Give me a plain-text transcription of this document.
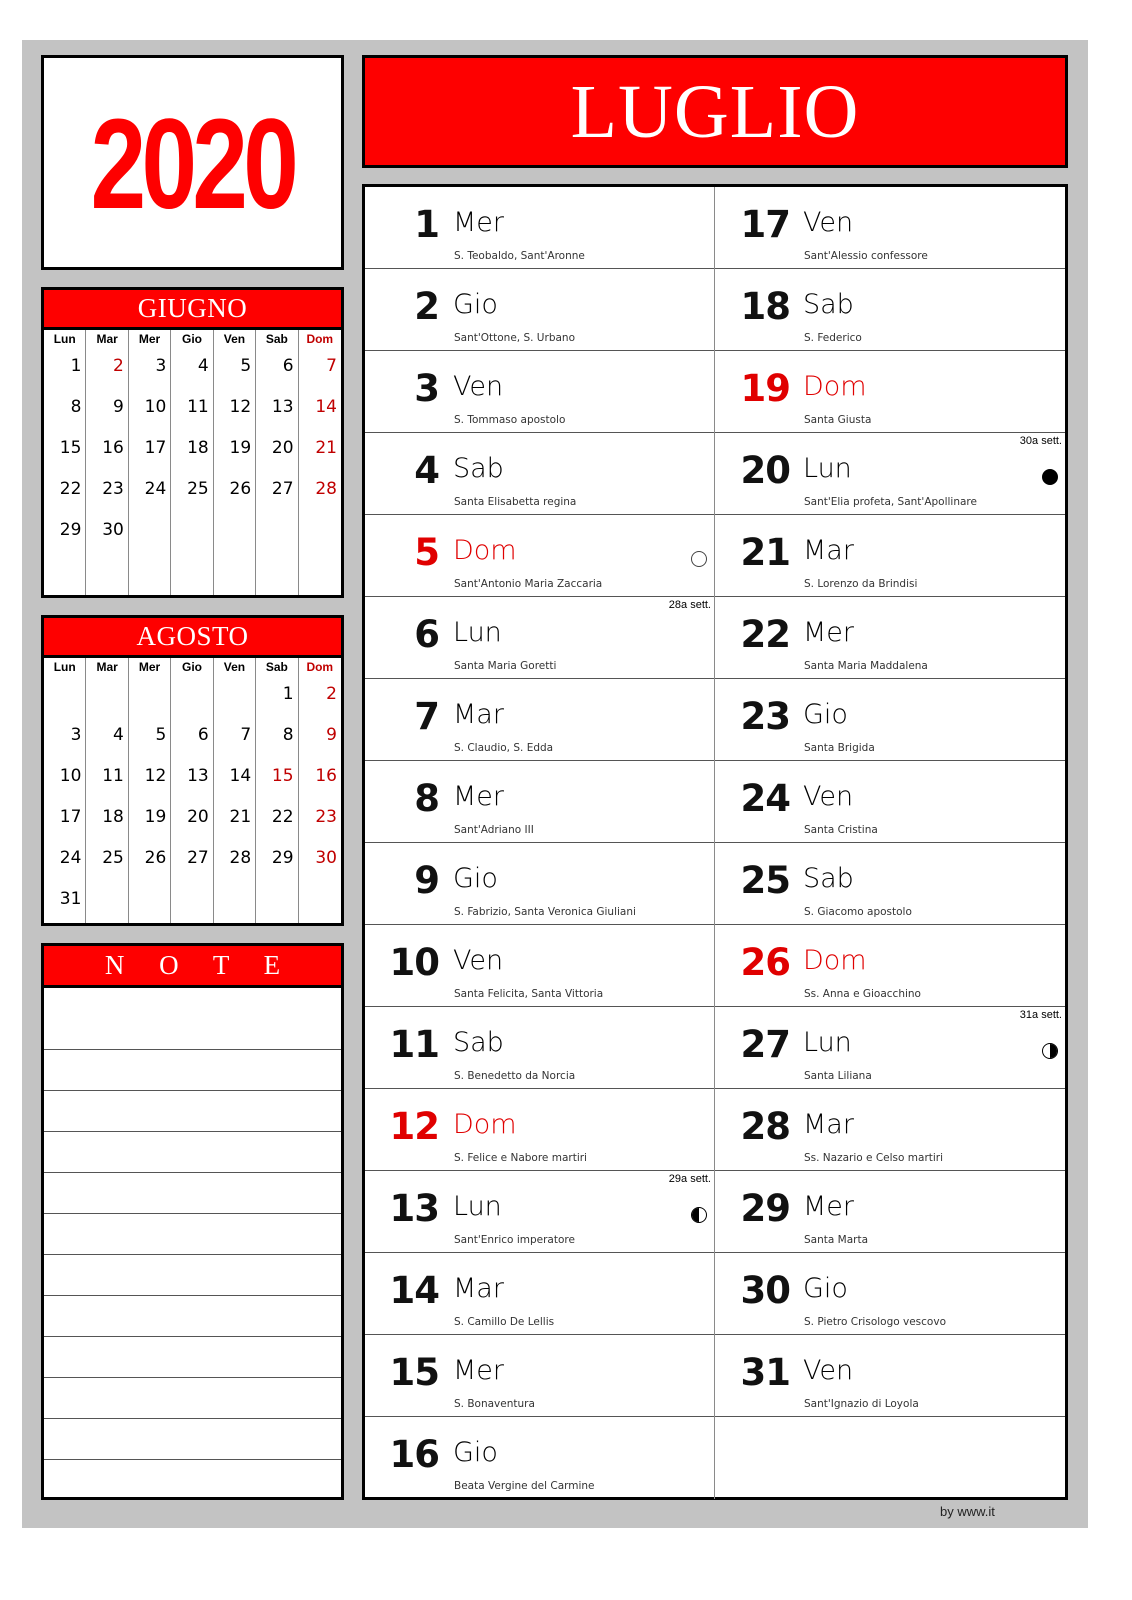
2020
GIUGNO
Lun
1
8
15
22
29
Mar
2
9
16
23
30
Mer
3
10
17
24
Gio
4
11
18
25
Ven
5
12
19
26
Sab
6
13
20
27
Dom
7
14
21
28
AGOSTO
Lun
3
10
17
24
31
Mar
4
11
18
25
Mer
5
12
19
26
Gio
6
13
20
27
Ven
7
14
21
28
Sab
1
8
15
22
29
Dom
2
9
16
23
30
N O T E
LUGLIO
1 Mer
S. Teobaldo, Sant'Aronne
2 Gio
Sant'Ottone, S. Urbano
3 Ven
S. Tommaso apostolo
4 Sab
Santa Elisabetta regina
5 Dom
Sant'Antonio Maria Zaccaria
6 Lun
Santa Maria Goretti
28a sett.
7 Mar
S. Claudio, S. Edda
8 Mer
Sant'Adriano III
9 Gio
S. Fabrizio, Santa Veronica Giuliani
10 Ven
Santa Felicita, Santa Vittoria
11 Sab
S. Benedetto da Norcia
12 Dom
S. Felice e Nabore martiri
13 Lun
Sant'Enrico imperatore
29a sett.
14 Mar
S. Camillo De Lellis
15 Mer
S. Bonaventura
16 Gio
Beata Vergine del Carmine
17 Ven
Sant'Alessio confessore
18 Sab
S. Federico
19 Dom
Santa Giusta
20 Lun
Sant'Elia profeta, Sant'Apollinare
30a sett.
21 Mar
S. Lorenzo da Brindisi
22 Mer
Santa Maria Maddalena
23 Gio
Santa Brigida
24 Ven
Santa Cristina
25 Sab
S. Giacomo apostolo
26 Dom
Ss. Anna e Gioacchino
27 Lun
Santa Liliana
31a sett.
28 Mar
Ss. Nazario e Celso martiri
29 Mer
Santa Marta
30 Gio
S. Pietro Crisologo vescovo
31 Ven
Sant'Ignazio di Loyola
by www.it
